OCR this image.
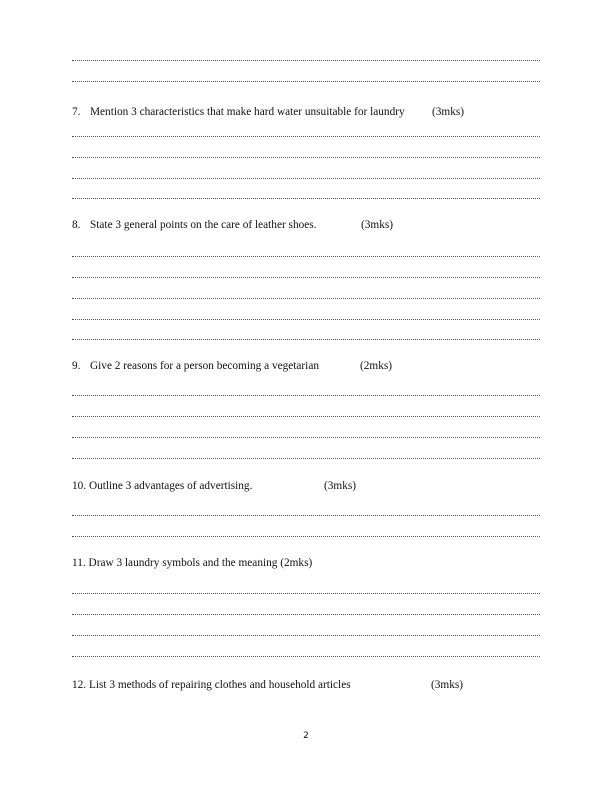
7. Mention 3 characteristics that make hard water unsuitable for laundry (3mks)
8. State 3 general points on the care of leather shoes.	(3mks)
9. Give 2 reasons for a person becoming a vegetarian	(2mks)
10. Outline 3 advantages of advertising.	(3mks)
11. Draw 3 laundry symbols and the meaning (2mks)
12. List 3 methods of repairing clothes and household articles	(3mks)
2
